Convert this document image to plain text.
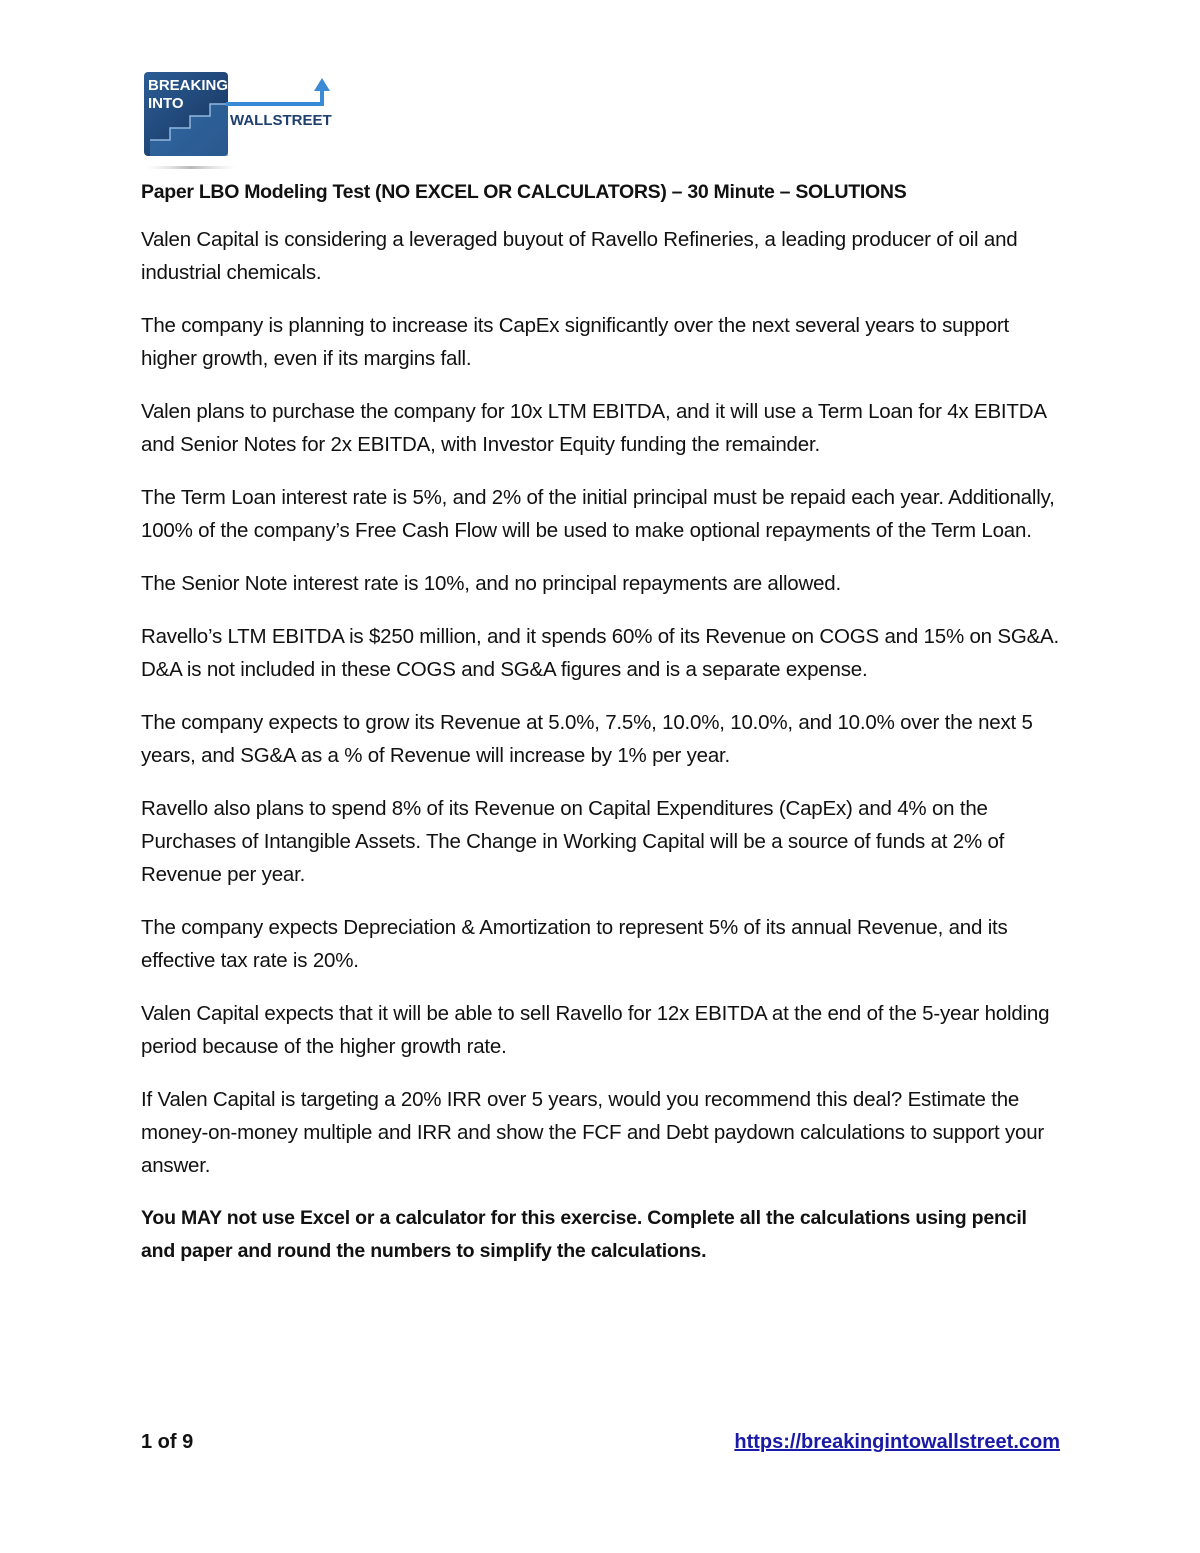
BREAKING
INTO
WALLSTREET
Paper LBO Modeling Test (NO EXCEL OR CALCULATORS) – 30 Minute – SOLUTIONS

Valen Capital is considering a leveraged buyout of Ravello Refineries, a leading producer of oil and industrial chemicals.

The company is planning to increase its CapEx significantly over the next several years to support higher growth, even if its margins fall.

Valen plans to purchase the company for 10x LTM EBITDA, and it will use a Term Loan for 4x EBITDA and Senior Notes for 2x EBITDA, with Investor Equity funding the remainder.

The Term Loan interest rate is 5%, and 2% of the initial principal must be repaid each year. Additionally, 100% of the company’s Free Cash Flow will be used to make optional repayments of the Term Loan.

The Senior Note interest rate is 10%, and no principal repayments are allowed.

Ravello’s LTM EBITDA is $250 million, and it spends 60% of its Revenue on COGS and 15% on SG&A. D&A is not included in these COGS and SG&A figures and is a separate expense.

The company expects to grow its Revenue at 5.0%, 7.5%, 10.0%, 10.0%, and 10.0% over the next 5 years, and SG&A as a % of Revenue will increase by 1% per year.

Ravello also plans to spend 8% of its Revenue on Capital Expenditures (CapEx) and 4% on the Purchases of Intangible Assets. The Change in Working Capital will be a source of funds at 2% of Revenue per year.

The company expects Depreciation & Amortization to represent 5% of its annual Revenue, and its effective tax rate is 20%.

Valen Capital expects that it will be able to sell Ravello for 12x EBITDA at the end of the 5-year holding period because of the higher growth rate.

If Valen Capital is targeting a 20% IRR over 5 years, would you recommend this deal? Estimate the money-on-money multiple and IRR and show the FCF and Debt paydown calculations to support your answer.

You MAY not use Excel or a calculator for this exercise. Complete all the calculations using pencil and paper and round the numbers to simplify the calculations.

1 of 9	https://breakingintowallstreet.com
